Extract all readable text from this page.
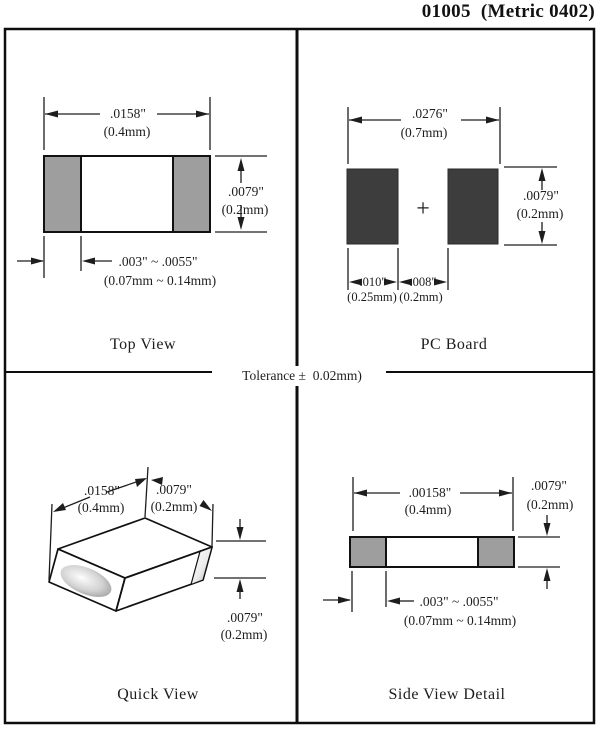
01005  (Metric 0402)
Tolerance ±  0.02mm)
.0158"
(0.4mm)
.0079"
(0.2mm)
.003" ~ .0055"
(0.07mm ~ 0.14mm)
Top View
+
.0276"
(0.7mm)
.0079"
(0.2mm)
.010"
(0.25mm)
.008"
(0.2mm)
PC Board
.0158"
(0.4mm)
.0079"
(0.2mm)
.0079"
(0.2mm)
Quick View
.00158"
(0.4mm)
.0079"
(0.2mm)
.003" ~ .0055"
(0.07mm ~ 0.14mm)
Side View Detail
